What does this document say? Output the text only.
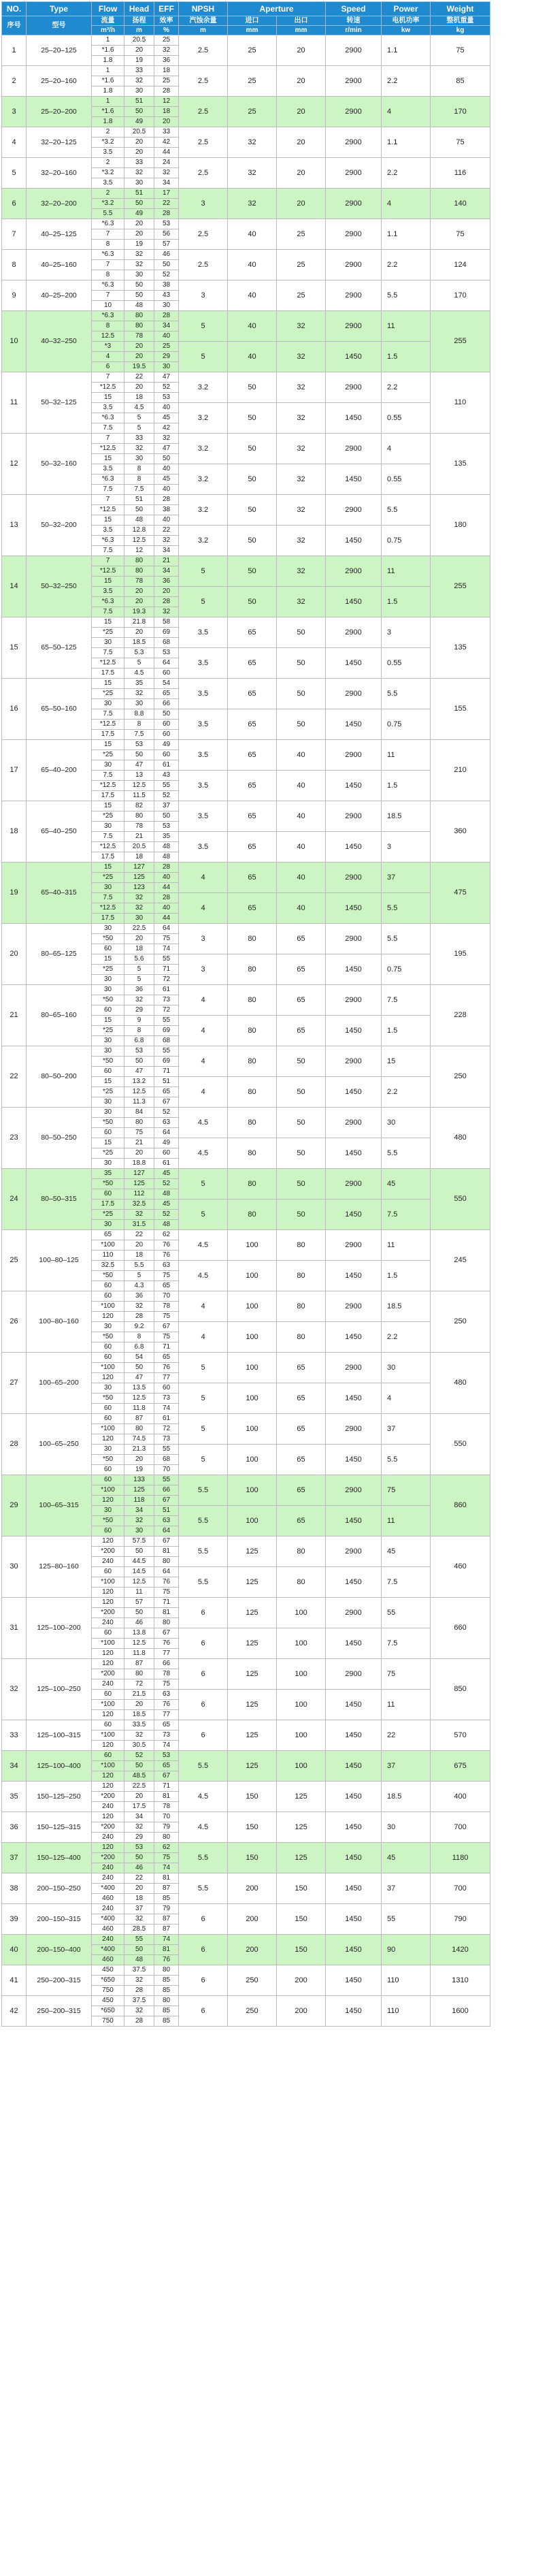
NO.	Type	Flow	Head	EFF	NPSH	Aperture		Speed	Power	Weight	
序号	型号	流量	扬程	效率	汽蚀余量	进口	出口	转速	电机功率	整机重量	
		m³/h	m	%	m	mm	mm	r/min	kw	kg	
1	25–20–125	1	20.5	25	2.5	25	20	2900	1.1	75	
		*1.6	20	32							
		1.8	19	36							
2	25–20–160	1	33	18	2.5	25	20	2900	2.2	85	
		*1.6	32	25							
		1.8	30	28							
3	25–20–200	1	51	12	2.5	25	20	2900	4	170	
		*1.6	50	18							
		1.8	49	20							
4	32–20–125	2	20.5	33	2.5	32	20	2900	1.1	75	
		*3.2	20	42							
		3.5	20	44							
5	32–20–160	2	33	24	2.5	32	20	2900	2.2	116	
		*3.2	32	32							
		3.5	30	34							
6	32–20–200	2	51	17	3	32	20	2900	4	140	
		*3.2	50	22							
		5.5	49	28							
7	40–25–125	*6.3	20	53	2.5	40	25	2900	1.1	75	
		7	20	56							
		8	19	57							
8	40–25–160	*6.3	32	46	2.5	40	25	2900	2.2	124	
		7	32	50							
		8	30	52							
9	40–25–200	*6.3	50	38	3	40	25	2900	5.5	170	
		7	50	43							
		10	48	30							
10	40–32–250	*6.3	80	28	5	40	32	2900	11	255	
		8	80	34							
		12.5	78	40							
		*3	20	25	5	40	32	1450	1.5		
		4	20	29							
		6	19.5	30							
11	50–32–125	7	22	47	3.2	50	32	2900	2.2	110	
		*12.5	20	52							
		15	18	53							
		3.5	4.5	40	3.2	50	32	1450	0.55		
		*6.3	5	45							
		7.5	5	42							
12	50–32–160	7	33	32	3.2	50	32	2900	4	135	
		*12.5	32	47							
		15	30	50							
		3.5	8	40	3.2	50	32	1450	0.55		
		*6.3	8	45							
		7.5	7.5	40							
13	50–32–200	7	51	28	3.2	50	32	2900	5.5	180	
		*12.5	50	38							
		15	48	40							
		3.5	12.8	22	3.2	50	32	1450	0.75		
		*6.3	12.5	32							
		7.5	12	34							
14	50–32–250	7	80	21	5	50	32	2900	11	255	
		*12.5	80	34							
		15	78	36							
		3.5	20	20	5	50	32	1450	1.5		
		*6.3	20	28							
		7.5	19.3	32							
15	65–50–125	15	21.8	58	3.5	65	50	2900	3	135	
		*25	20	69							
		30	18.5	68							
		7.5	5.3	53	3.5	65	50	1450	0.55		
		*12.5	5	64							
		17.5	4.5	60							
16	65–50–160	15	35	54	3.5	65	50	2900	5.5	155	
		*25	32	65							
		30	30	66							
		7.5	8.8	50	3.5	65	50	1450	0.75		
		*12.5	8	60							
		17.5	7.5	60							
17	65–40–200	15	53	49	3.5	65	40	2900	11	210	
		*25	50	60							
		30	47	61							
		7.5	13	43	3.5	65	40	1450	1.5		
		*12.5	12.5	55							
		17.5	11.5	52							
18	65–40–250	15	82	37	3.5	65	40	2900	18.5	360	
		*25	80	50							
		30	78	53							
		7.5	21	35	3.5	65	40	1450	3		
		*12.5	20.5	48							
		17.5	18	48							
19	65–40–315	15	127	28	4	65	40	2900	37	475	
		*25	125	40							
		30	123	44							
		7.5	32	28	4	65	40	1450	5.5		
		*12.5	32	40							
		17.5	30	44							
20	80–65–125	30	22.5	64	3	80	65	2900	5.5	195	
		*50	20	75							
		60	18	74							
		15	5.6	55	3	80	65	1450	0.75		
		*25	5	71							
		30	5	72							
21	80–65–160	30	36	61	4	80	65	2900	7.5	228	
		*50	32	73							
		60	29	72							
		15	9	55	4	80	65	1450	1.5		
		*25	8	69							
		30	6.8	68							
22	80–50–200	30	53	55	4	80	50	2900	15	250	
		*50	50	69							
		60	47	71							
		15	13.2	51	4	80	50	1450	2.2		
		*25	12.5	65							
		30	11.3	67							
23	80–50–250	30	84	52	4.5	80	50	2900	30	480	
		*50	80	63							
		60	75	64							
		15	21	49	4.5	80	50	1450	5.5		
		*25	20	60							
		30	18.8	61							
24	80–50–315	35	127	45	5	80	50	2900	45	550	
		*50	125	52							
		60	112	48							
		17.5	32.5	45	5	80	50	1450	7.5		
		*25	32	52							
		30	31.5	48							
25	100–80–125	65	22	62	4.5	100	80	2900	11	245	
		*100	20	76							
		110	18	76							
		32.5	5.5	63	4.5	100	80	1450	1.5		
		*50	5	75							
		60	4.3	65							
26	100–80–160	60	36	70	4	100	80	2900	18.5	250	
		*100	32	78							
		120	28	75							
		30	9.2	67	4	100	80	1450	2.2		
		*50	8	75							
		60	6.8	71							
27	100–65–200	60	54	65	5	100	65	2900	30	480	
		*100	50	76							
		120	47	77							
		30	13.5	60	5	100	65	1450	4		
		*50	12.5	73							
		60	11.8	74							
28	100–65–250	60	87	61	5	100	65	2900	37	550	
		*100	80	72							
		120	74.5	73							
		30	21.3	55	5	100	65	1450	5.5		
		*50	20	68							
		60	19	70							
29	100–65–315	60	133	55	5.5	100	65	2900	75	860	
		*100	125	66							
		120	118	67							
		30	34	51	5.5	100	65	1450	11		
		*50	32	63							
		60	30	64							
30	125–80–160	120	57.5	67	5.5	125	80	2900	45	460	
		*200	50	81							
		240	44.5	80							
		60	14.5	64	5.5	125	80	1450	7.5		
		*100	12.5	76							
		120	11	75							
31	125–100–200	120	57	71	6	125	100	2900	55	660	
		*200	50	81							
		240	46	80							
		60	13.8	67	6	125	100	1450	7.5		
		*100	12.5	76							
		120	11.8	77							
32	125–100–250	120	87	66	6	125	100	2900	75	850	
		*200	80	78							
		240	72	75							
		60	21.5	63	6	125	100	1450	11		
		*100	20	76							
		120	18.5	77							
33	125–100–315	60	33.5	65	6	125	100	1450	22	570	
		*100	32	73							
		120	30.5	74							
34	125–100–400	60	52	53	5.5	125	100	1450	37	675	
		*100	50	65							
		120	48.5	67							
35	150–125–250	120	22.5	71	4.5	150	125	1450	18.5	400	
		*200	20	81							
		240	17.5	78							
36	150–125–315	120	34	70	4.5	150	125	1450	30	700	
		*200	32	79							
		240	29	80							
37	150–125–400	120	53	62	5.5	150	125	1450	45	1180	
		*200	50	75							
		240	46	74							
38	200–150–250	240	22	81	5.5	200	150	1450	37	700	
		*400	20	87							
		460	18	85							
39	200–150–315	240	37	79	6	200	150	1450	55	790	
		*400	32	87							
		460	28.5	87							
40	200–150–400	240	55	74	6	200	150	1450	90	1420	
		*400	50	81							
		460	48	76							
41	250–200–315	450	37.5	80	6	250	200	1450	110	1310	
		*650	32	85							
		750	28	85							
42	250–200–315	450	37.5	80	6	250	200	1450	110	1600	
		*650	32	85							
		750	28	85							
